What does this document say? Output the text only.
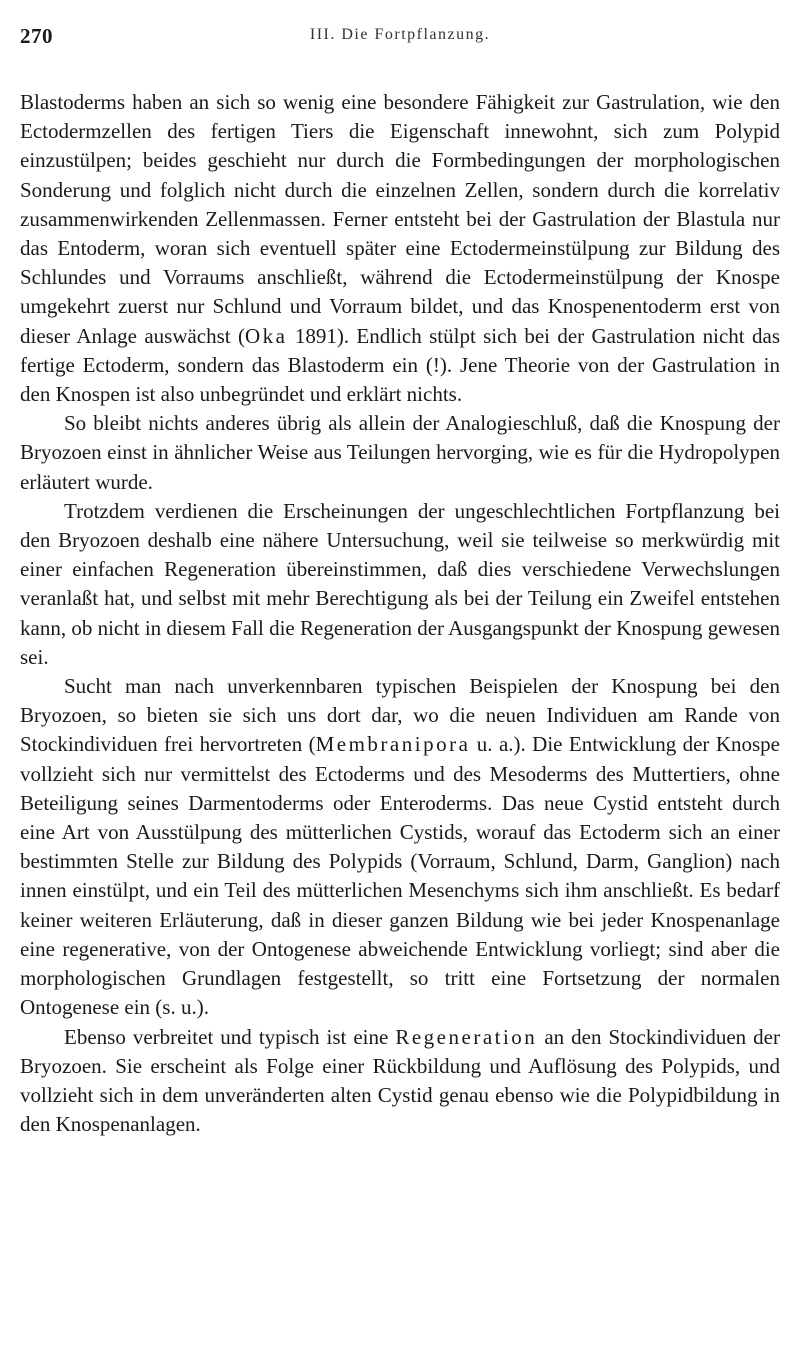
270	III. Die Fortpflanzung.

Blastoderms haben an sich so wenig eine besondere Fähigkeit zur Gastrulation, wie den Ectodermzellen des fertigen Tiers die Eigenschaft innewohnt, sich zum Polypid einzustülpen; beides geschieht nur durch die Formbedingungen der morphologischen Sonderung und folglich nicht durch die einzelnen Zellen, sondern durch die korrelativ zusammenwirkenden Zellenmassen. Ferner entsteht bei der Gastrulation der Blastula nur das Entoderm, woran sich eventuell später eine Ectodermeinstülpung zur Bildung des Schlundes und Vorraums anschließt, während die Ectodermeinstülpung der Knospe umgekehrt zuerst nur Schlund und Vorraum bildet, und das Knospenentoderm erst von dieser Anlage auswächst (Oka 1891). Endlich stülpt sich bei der Gastrulation nicht das fertige Ectoderm, sondern das Blastoderm ein (!). Jene Theorie von der Gastrulation in den Knospen ist also unbegründet und erklärt nichts.

So bleibt nichts anderes übrig als allein der Analogieschluß, daß die Knospung der Bryozoen einst in ähnlicher Weise aus Teilungen hervorging, wie es für die Hydropolypen erläutert wurde.

Trotzdem verdienen die Erscheinungen der ungeschlechtlichen Fortpflanzung bei den Bryozoen deshalb eine nähere Untersuchung, weil sie teilweise so merkwürdig mit einer einfachen Regeneration übereinstimmen, daß dies verschiedene Verwechslungen veranlaßt hat, und selbst mit mehr Berechtigung als bei der Teilung ein Zweifel entstehen kann, ob nicht in diesem Fall die Regeneration der Ausgangspunkt der Knospung gewesen sei.

Sucht man nach unverkennbaren typischen Beispielen der Knospung bei den Bryozoen, so bieten sie sich uns dort dar, wo die neuen Individuen am Rande von Stockindividuen frei hervortreten (Membranipora u. a.). Die Entwicklung der Knospe vollzieht sich nur vermittelst des Ectoderms und des Mesoderms des Muttertiers, ohne Beteiligung seines Darmentoderms oder Enteroderms. Das neue Cystid entsteht durch eine Art von Ausstülpung des mütterlichen Cystids, worauf das Ectoderm sich an einer bestimmten Stelle zur Bildung des Polypids (Vorraum, Schlund, Darm, Ganglion) nach innen einstülpt, und ein Teil des mütterlichen Mesenchyms sich ihm anschließt. Es bedarf keiner weiteren Erläuterung, daß in dieser ganzen Bildung wie bei jeder Knospenanlage eine regenerative, von der Ontogenese abweichende Entwicklung vorliegt; sind aber die morphologischen Grundlagen festgestellt, so tritt eine Fortsetzung der normalen Ontogenese ein (s. u.).

Ebenso verbreitet und typisch ist eine Regeneration an den Stockindividuen der Bryozoen. Sie erscheint als Folge einer Rückbildung und Auflösung des Polypids, und vollzieht sich in dem unveränderten alten Cystid genau ebenso wie die Polypidbildung in den Knospenanlagen.
